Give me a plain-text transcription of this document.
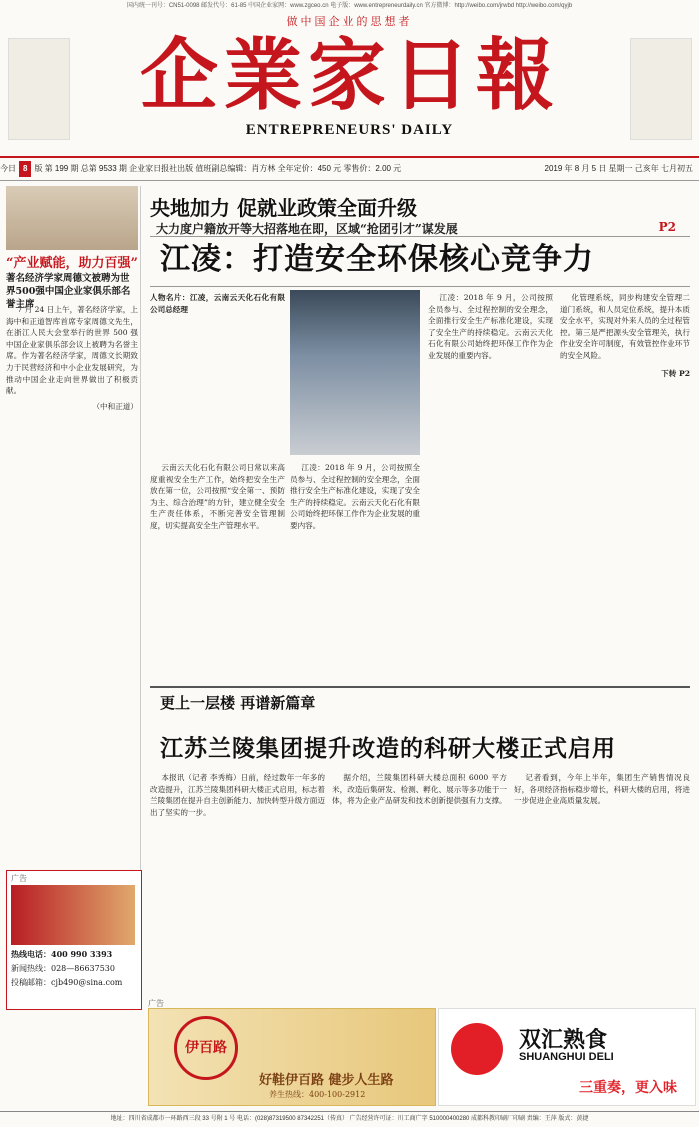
国内统一刊号：CN51-0098 邮发代号：61-85 中国企业家网：www.zgceo.cn 电子版：www.entrepreneurdaily.cn 官方微博：http://weibo.com/jrwbd http://weibo.com/qyjb
做中国企业的思想者
企業家日報
ENTREPRENEURS' DAILY
今日 8 版 第 199 期 总第 9533 期 企业家日报社出版 值班副总编辑：肖方林 全年定价：450 元 零售价：2.00 元	2019 年 8 月 5 日 星期一 己亥年 七月初五
“产业赋能，助力百强”
著名经济学家周德文被聘为世界500强中国企业家俱乐部名誉主席
7 月 24 日上午，著名经济学家，上海中和正道智库首席专家周德文先生，在浙江人民大会堂举行的世界 500 强中国企业家俱乐部会议上被聘为名誉主席。作为著名经济学家，周德文长期致力于民营经济和中小企业发展研究，为推动中国企业走向世界做出了积极贡献。
（中和正道）
广告
热线电话：400 990 3393
新闻热线：028—86637530
投稿邮箱：cjb490@sina.com
央地加力 促就业政策全面升级
大力度户籍放开等大招落地在即，区域“抢团引才”谋发展	P2
江凌：打造安全环保核心竞争力
人物名片：江凌，云南云天化石化有限公司总经理
云南云天化石化有限公司日常以来高度重视安全生产工作，始终把安全生产放在第一位，公司按照“安全第一、预防为主、综合治理”的方针，建立健全安全生产责任体系，不断完善安全管理制度，切实提高安全生产管理水平。
江凌：2018 年 9 月，公司按照全员参与、全过程控制的安全理念，全面推行安全生产标准化建设，实现了安全生产的持续稳定。云南云天化石化有限公司始终把环保工作作为企业发展的重要内容。
江凌：2018 年 9 月，公司按照全员参与、全过程控制的安全理念，全面推行安全生产标准化建设，实现了安全生产的持续稳定。云南云天化石化有限公司始终把环保工作作为企业发展的重要内容。
化管理系统，同步构建安全管理二道门系统，和人员定位系统，提升本质安全水平，实现对外来人员的全过程管控。第三是严把源头安全管理关，执行作业安全许可制度，有效管控作业环节的安全风险。
下转 P2
更上一层楼 再谱新篇章
江苏兰陵集团提升改造的科研大楼正式启用
本报讯（记者 李秀梅）日前，经过数年一年多的改造提升，江苏兰陵集团科研大楼正式启用，标志着兰陵集团在提升自主创新能力、加快转型升级方面迈出了坚实的一步。
据介绍，兰陵集团科研大楼总面积 6000 平方米，改造后集研发、检测、孵化、展示等多功能于一体，将为企业产品研发和技术创新提供强有力支撑。
记者看到，今年上半年，集团生产销售情况良好，各项经济指标稳步增长，科研大楼的启用，将进一步促进企业高质量发展。
广告
好鞋伊百路 健步人生路
养生热线：400-100-2912
双汇熟食
SHUANGHUI DELI
三重奏，更入味
伊百路
地址：四川省成都市一环路西三段 33 号附 1 号 电话：(028)87319500 87342251（传真） 广告经营许可证：川工商广字 510000400280 成都科教印刷厂印刷 责编：王萍 版式：黄捷
